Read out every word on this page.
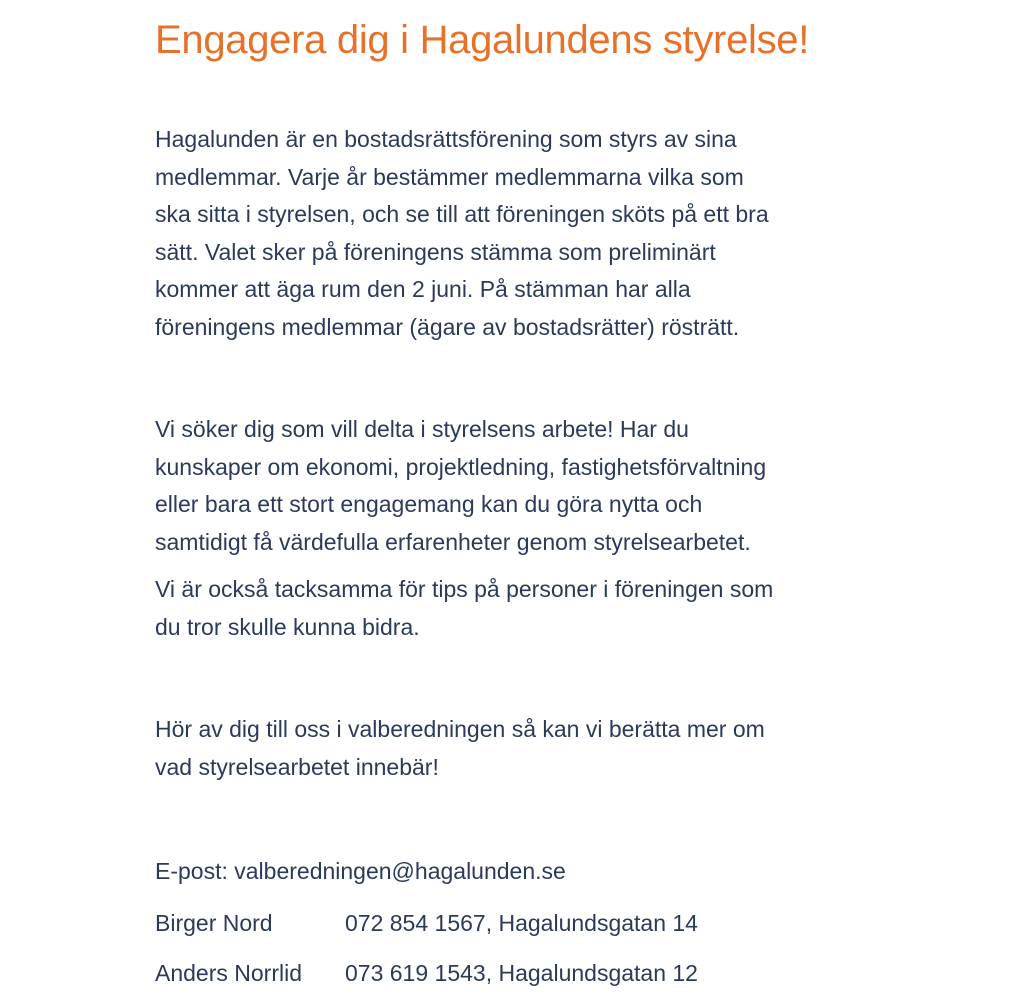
Engagera dig i Hagalundens styrelse!

Hagalunden är en bostadsrättsförening som styrs av sina
medlemmar. Varje år bestämmer medlemmarna vilka som
ska sitta i styrelsen, och se till att föreningen sköts på ett bra
sätt. Valet sker på föreningens stämma som preliminärt
kommer att äga rum den 2 juni. På stämman har alla
föreningens medlemmar (ägare av bostadsrätter) rösträtt.

Vi söker dig som vill delta i styrelsens arbete! Har du
kunskaper om ekonomi, projektledning, fastighetsförvaltning
eller bara ett stort engagemang kan du göra nytta och
samtidigt få värdefulla erfarenheter genom styrelsearbetet.

Vi är också tacksamma för tips på personer i föreningen som
du tror skulle kunna bidra.

Hör av dig till oss i valberedningen så kan vi berätta mer om
vad styrelsearbetet innebär!

E-post: valberedningen@hagalunden.se
Birger Nord	072 854 1567, Hagalundsgatan 14
Anders Norrlid 073 619 1543, Hagalundsgatan 12
